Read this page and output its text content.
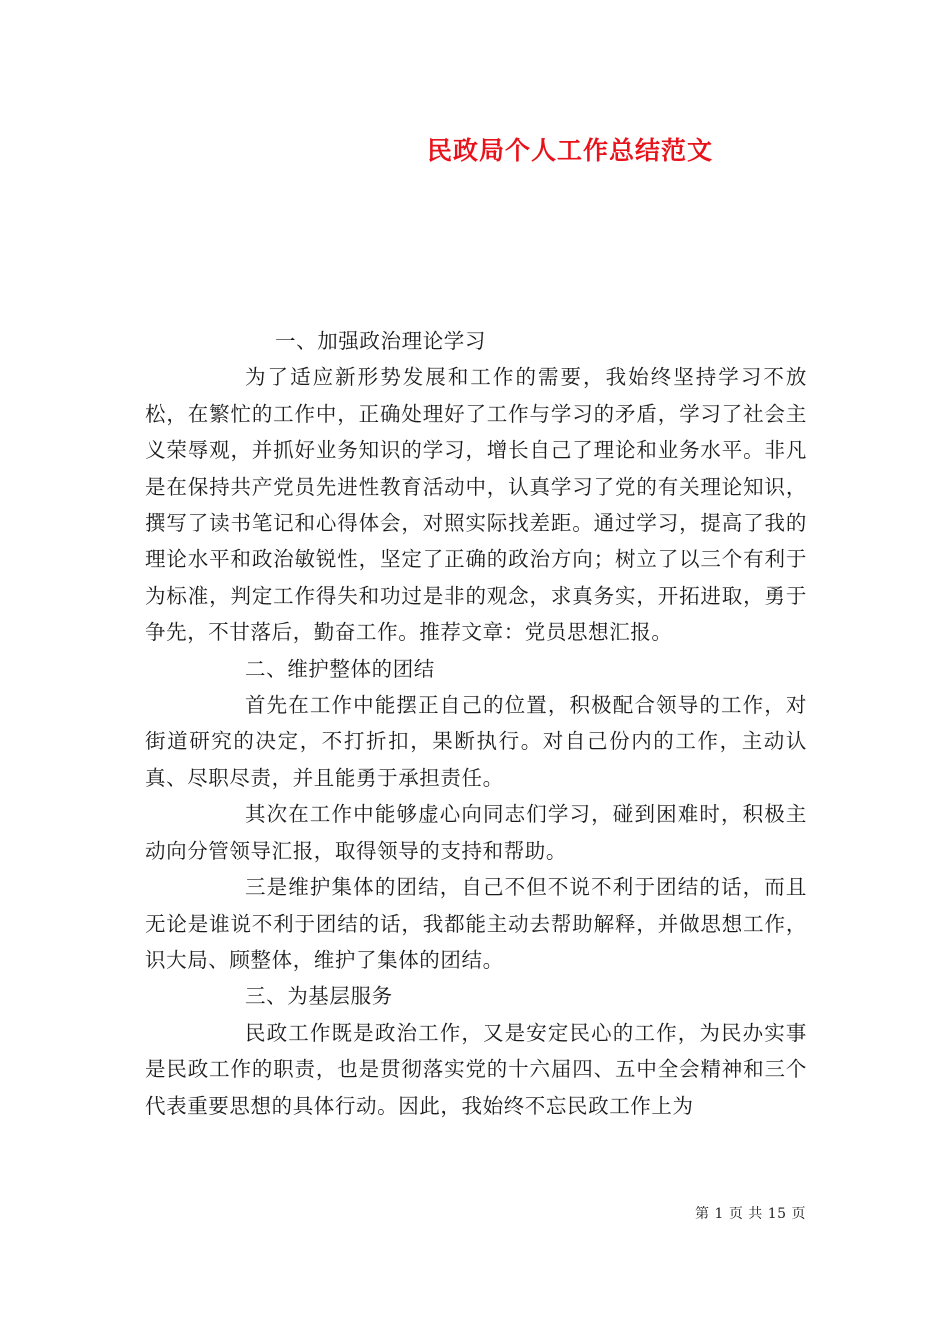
民政局个人工作总结范文

一、加强政治理论学习

为了适应新形势发展和工作的需要，我始终坚持学习不放松，在繁忙的工作中，正确处理好了工作与学习的矛盾，学习了社会主义荣辱观，并抓好业务知识的学习，增长自己了理论和业务水平。非凡是在保持共产党员先进性教育活动中，认真学习了党的有关理论知识，撰写了读书笔记和心得体会，对照实际找差距。通过学习，提高了我的理论水平和政治敏锐性，坚定了正确的政治方向；树立了以三个有利于为标准，判定工作得失和功过是非的观念，求真务实，开拓进取，勇于争先，不甘落后，勤奋工作。推荐文章：党员思想汇报。

二、维护整体的团结

首先在工作中能摆正自己的位置，积极配合领导的工作，对街道研究的决定，不打折扣，果断执行。对自己份内的工作，主动认真、尽职尽责，并且能勇于承担责任。

其次在工作中能够虚心向同志们学习，碰到困难时，积极主动向分管领导汇报，取得领导的支持和帮助。

三是维护集体的团结，自己不但不说不利于团结的话，而且无论是谁说不利于团结的话，我都能主动去帮助解释，并做思想工作，识大局、顾整体，维护了集体的团结。

三、为基层服务

民政工作既是政治工作，又是安定民心的工作，为民办实事是民政工作的职责，也是贯彻落实党的十六届四、五中全会精神和三个代表重要思想的具体行动。因此，我始终不忘民政工作上为

第 1 页 共 15 页
